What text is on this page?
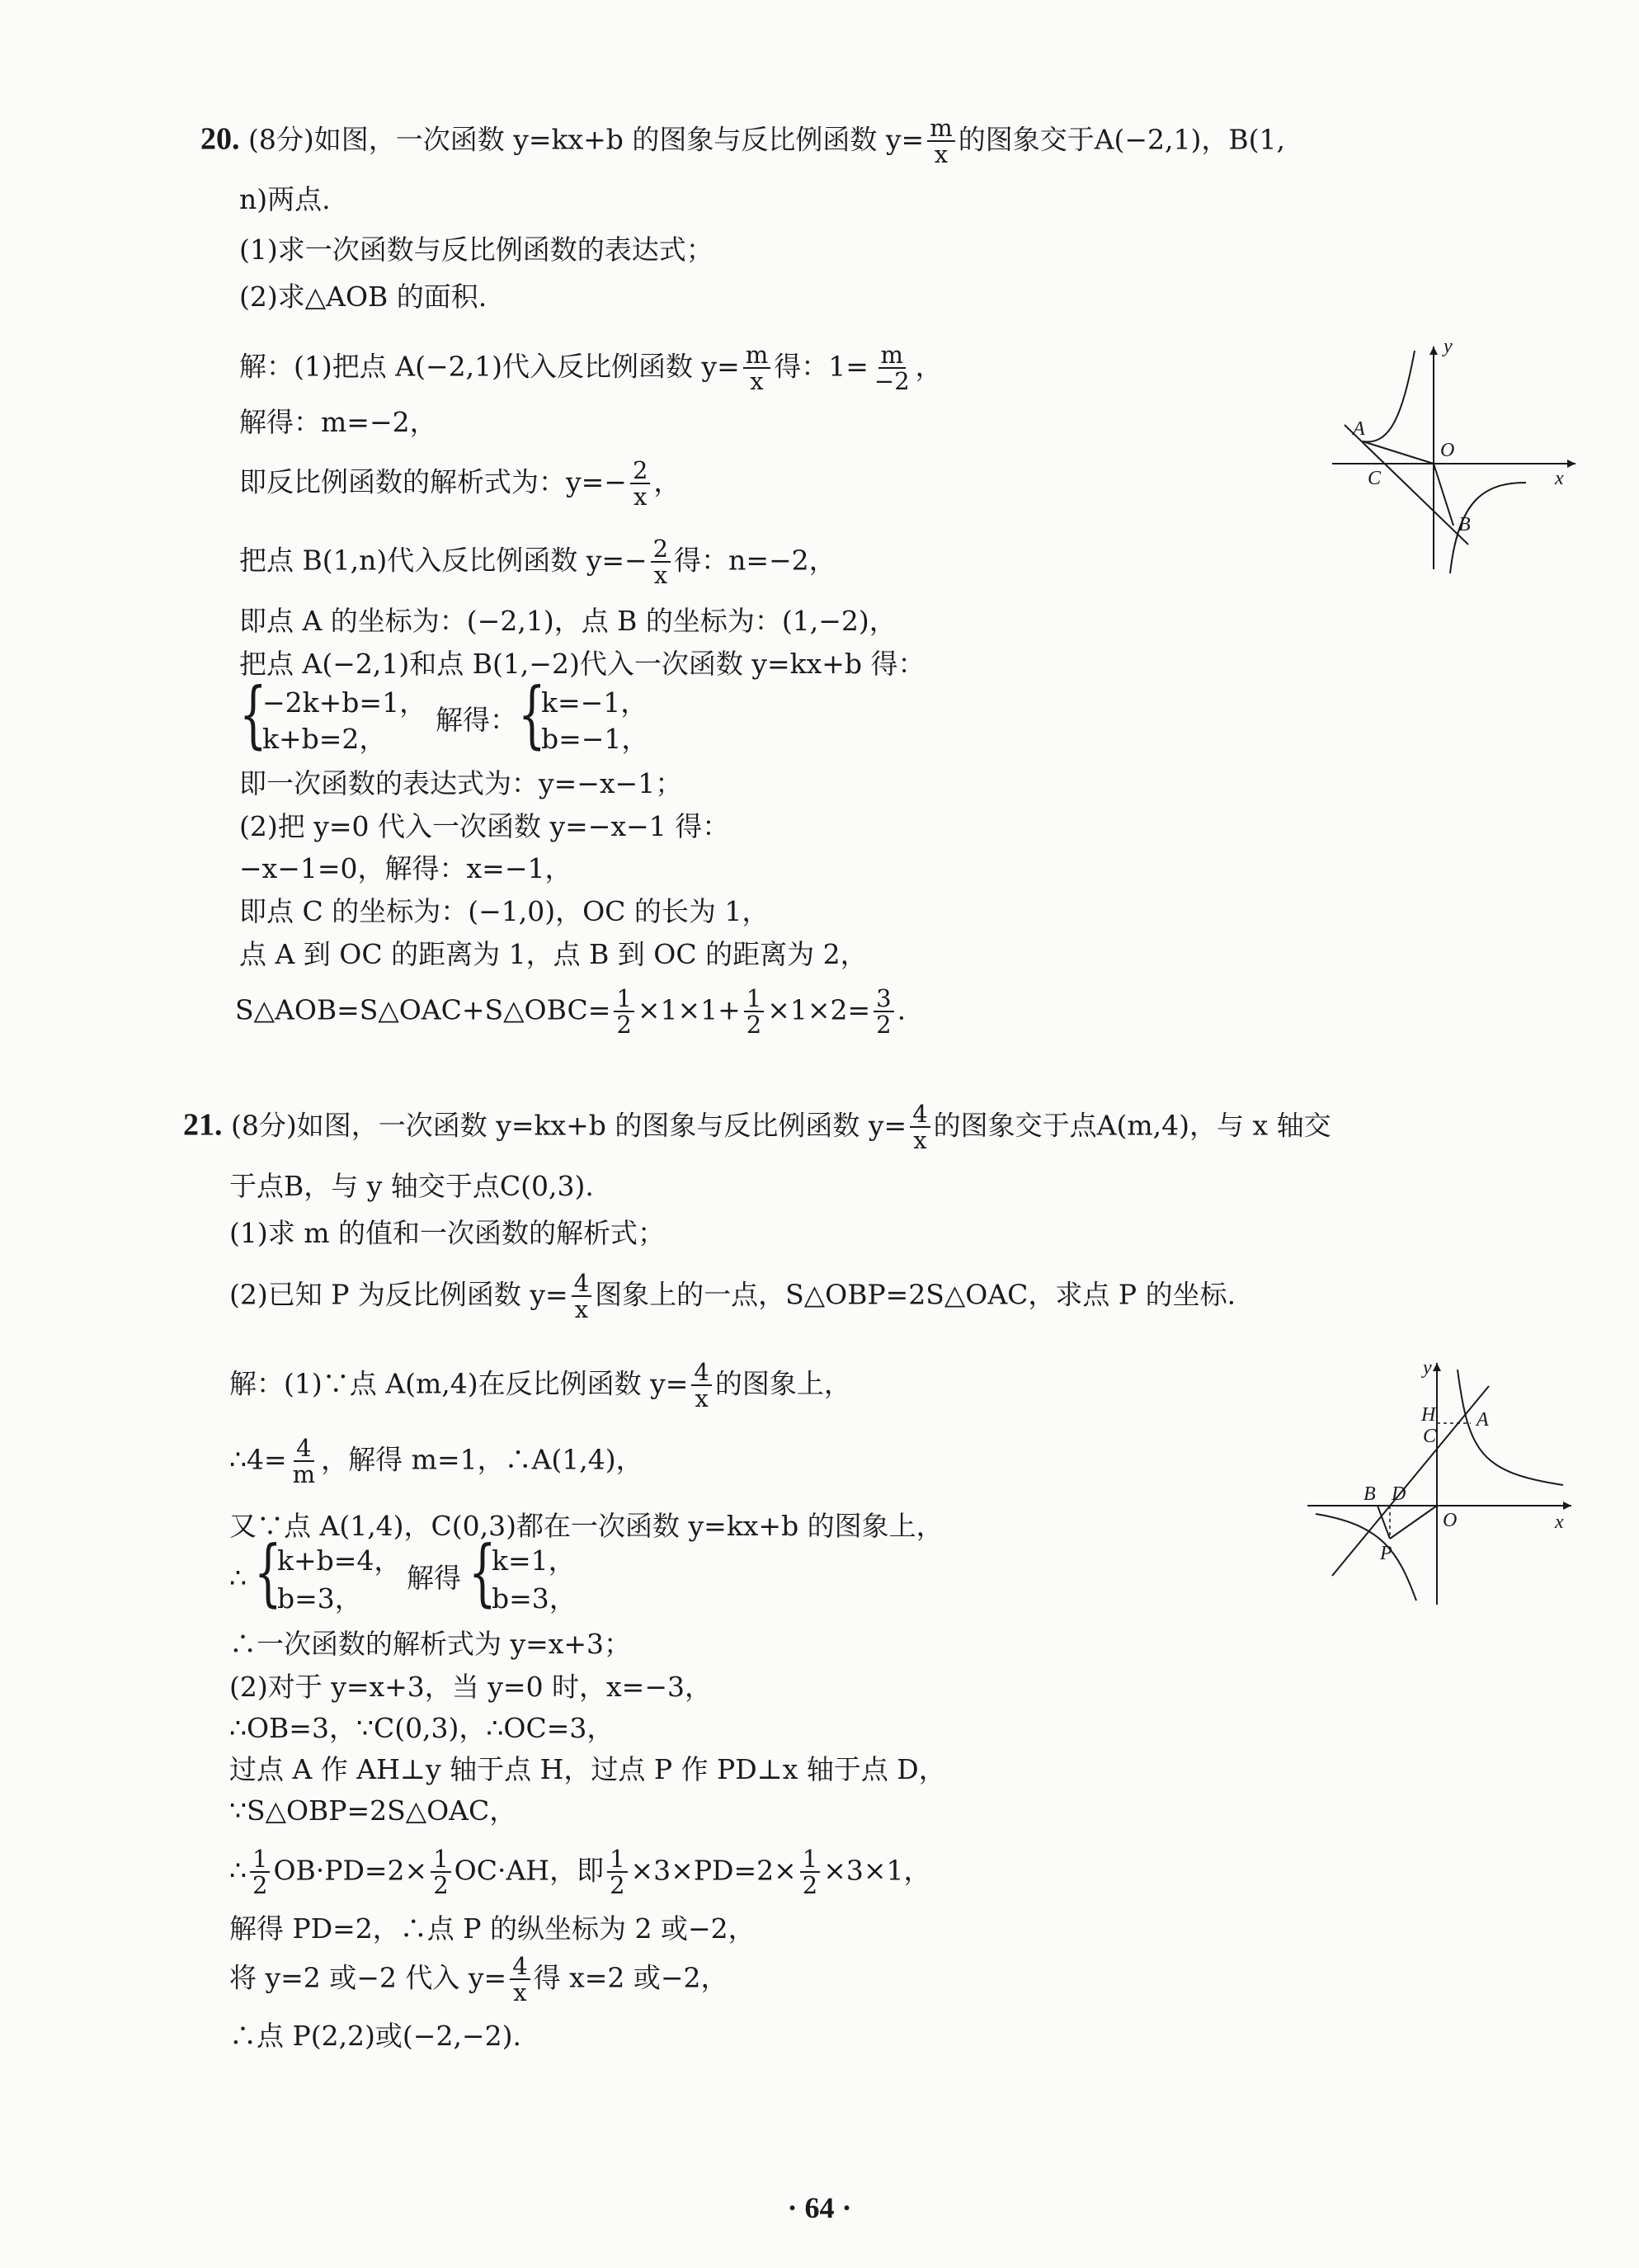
20. (8分)如图，一次函数 y=kx+b 的图象与反比例函数 $y= \frac{m}{x}$ 的图象交于A(−2,1)，B(1,
n)两点.
(1)求一次函数与反比例函数的表达式；
(2)求△AOB 的面积.
解：(1)把点 A(−2,1)代入反比例函数 $y= \frac{m}{x}$ 得：$1= \frac{m}{-2}$ ，
解得：m=−2，
即反比例函数的解析式为：$y=- \frac{2}{x}$ ，
把点 B(1,n)代入反比例函数 $y=- \frac{2}{x}$ 得：n=−2，
即点 A 的坐标为：(−2,1)，点 B 的坐标为：(1,−2)，
把点 A(−2,1)和点 B(1,−2)代入一次函数 y=kx+b 得：
{
−2k+b=1，
k+b=2，
解得： {
k=−1，
b=−1，
即一次函数的表达式为：y=−x−1；
(2)把 y=0 代入一次函数 y=−x−1 得：
−x−1=0，解得：x=−1，
即点 C 的坐标为：(−1,0)，OC 的长为 1，
点 A 到 OC 的距离为 1，点 B 到 OC 的距离为 2，
S△AOB=S△OAC+S△OBC= $\frac{1}{2} \times 1\times 1+ \frac{1}{2} \times 1\times 2= \frac{3}{2}$ .
y
x
A
O
C
B
21. (8分)如图，一次函数 y=kx+b 的图象与反比例函数 $y= \frac{4}{x}$ 的图象交于点A(m,4)，与 x 轴交
于点B，与 y 轴交于点C(0,3).
(1)求 m 的值和一次函数的解析式；
(2)已知 P 为反比例函数 $y= \frac{4}{x}$ 图象上的一点，S△OBP=2S△OAC，求点 P 的坐标.
解：(1)∵点 A(m,4)在反比例函数 $y= \frac{4}{x}$ 的图象上，
∴4= $\frac{4}{m}$ ，解得 m=1，∴A(1,4)，
又∵点 A(1,4)，C(0,3)都在一次函数 y=kx+b 的图象上，
∴ {
k+b=4，
b=3，
解得 {
k=1，
b=3，
∴一次函数的解析式为 y=x+3；
(2)对于 y=x+3，当 y=0 时，x=−3，
∴OB=3，∵C(0,3)，∴OC=3，
过点 A 作 AH⊥y 轴于点 H，过点 P 作 PD⊥x 轴于点 D，
∵S△OBP=2S△OAC，
∴ $\frac{1}{2} OB\cdot PD=2\times \frac{1}{2} OC\cdot AH$，即 $\frac{1}{2} \times 3\times PD=2\times \frac{1}{2} \times 3\times 1$，
解得 PD=2，∴点 P 的纵坐标为 2 或−2，
将 y=2 或−2 代入 $y= \frac{4}{x}$ 得 x=2 或−2，
∴点 P(2,2)或(−2,−2).
y
x
H A
C
B D
O
P
· 64 ·
